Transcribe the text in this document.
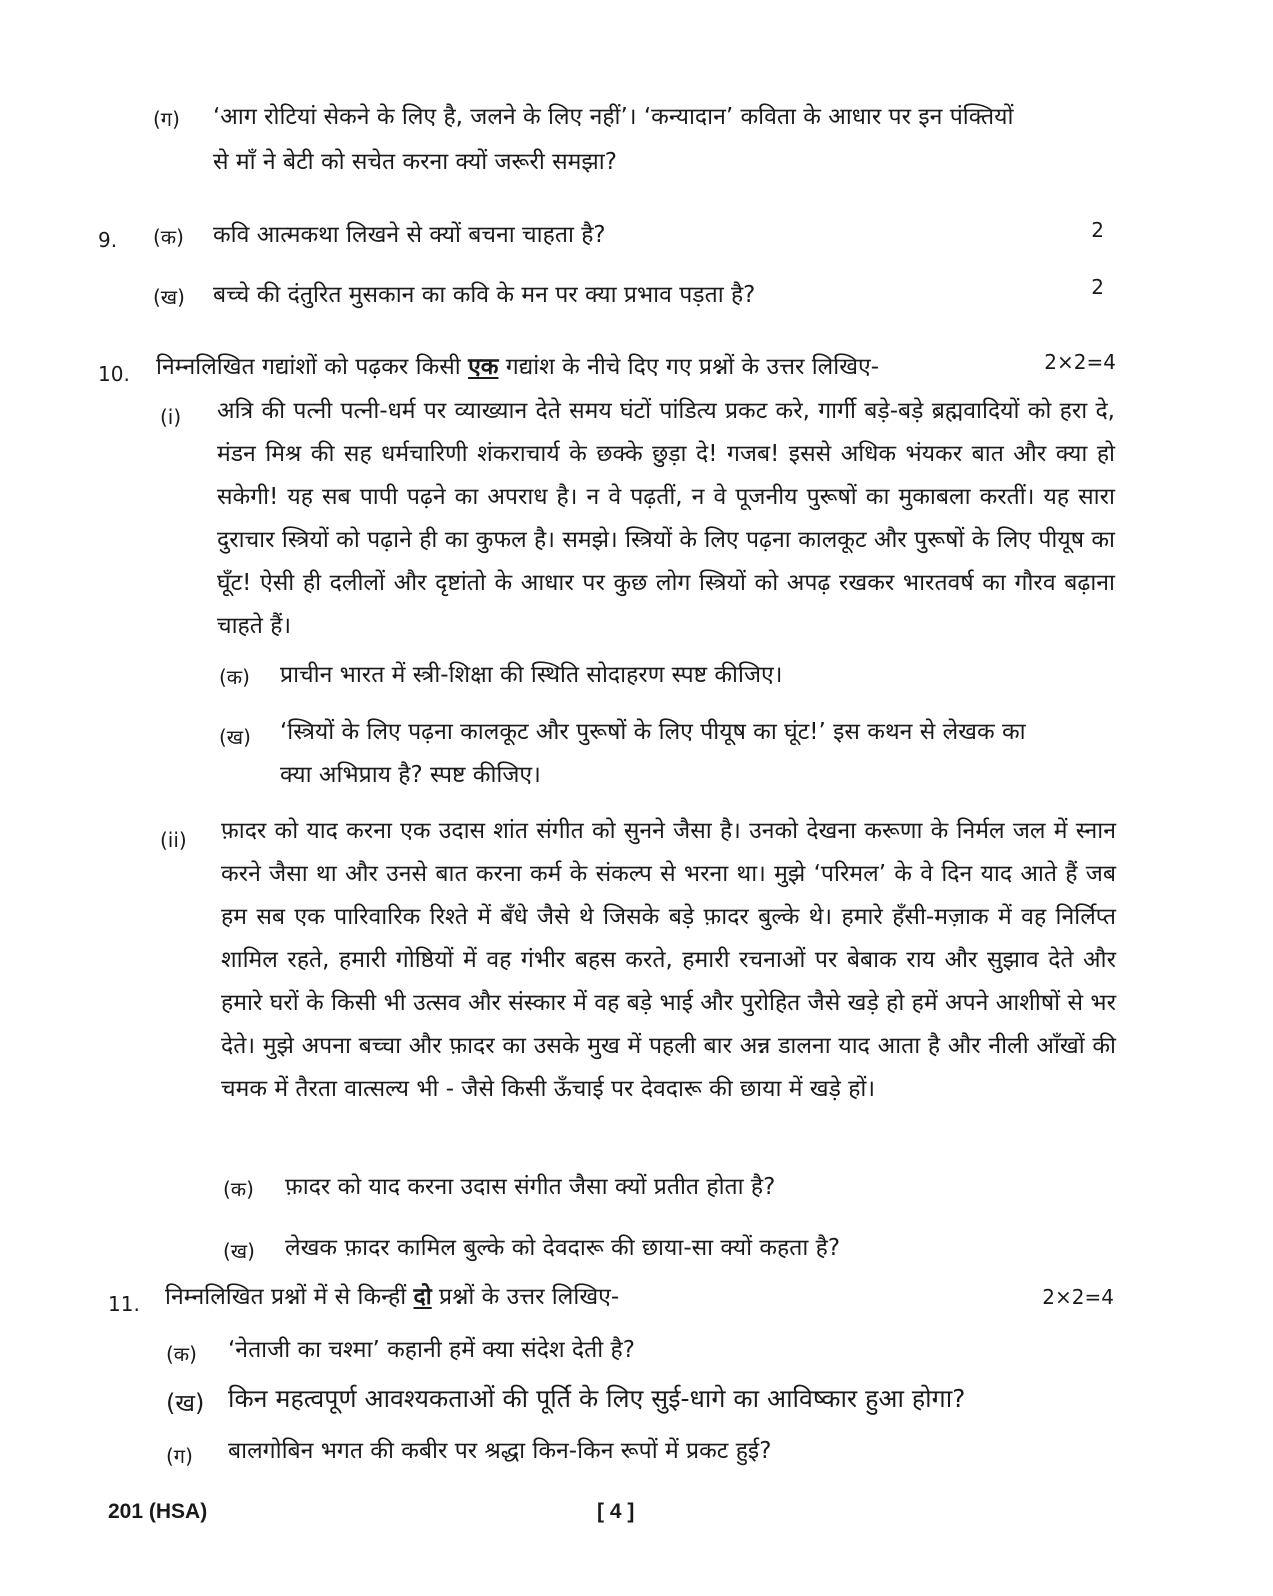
(ग) ‘आग रोटियां सेकने के लिए है, जलने के लिए नहीं’। ‘कन्यादान’ कविता के आधार पर इन पंक्तियों
से माँ ने बेटी को सचेत करना क्यों जरूरी समझा?
9. (क) कवि आत्मकथा लिखने से क्यों बचना चाहता है?	2
(ख) बच्चे की दंतुरित मुसकान का कवि के मन पर क्या प्रभाव पड़ता है?	2
10. निम्नलिखित गद्यांशों को पढ़कर किसी एक गद्यांश के नीचे दिए गए प्रश्नों के उत्तर लिखिए-	2×2=4
(i) अत्रि की पत्नी पत्नी-धर्म पर व्याख्यान देते समय घंटों पांडित्य प्रकट करे, गार्गी बड़े-बड़े ब्रह्मवादियों को हरा दे, मंडन मिश्र की सह धर्मचारिणी शंकराचार्य के छक्के छुड़ा दे! गजब! इससे अधिक भंयकर बात और क्या हो सकेगी! यह सब पापी पढ़ने का अपराध है। न वे पढ़तीं, न वे पूजनीय पुरूषों का मुकाबला करतीं। यह सारा दुराचार स्त्रियों को पढ़ाने ही का कुफल है। समझे। स्त्रियों के लिए पढ़ना कालकूट और पुरूषों के लिए पीयूष का घूँट! ऐसी ही दलीलों और दृष्टांतो के आधार पर कुछ लोग स्त्रियों को अपढ़ रखकर भारतवर्ष का गौरव बढ़ाना चाहते हैं।

(क) प्राचीन भारत में स्त्री-शिक्षा की स्थिति सोदाहरण स्पष्ट कीजिए।
(ख) ‘स्त्रियों के लिए पढ़ना कालकूट और पुरूषों के लिए पीयूष का घूंट!’ इस कथन से लेखक का
क्या अभिप्राय है? स्पष्ट कीजिए।
(ii) फ़ादर को याद करना एक उदास शांत संगीत को सुनने जैसा है। उनको देखना करूणा के निर्मल जल में स्नान करने जैसा था और उनसे बात करना कर्म के संकल्प से भरना था। मुझे ‘परिमल’ के वे दिन याद आते हैं जब हम सब एक पारिवारिक रिश्ते में बँधे जैसे थे जिसके बड़े फ़ादर बुल्के थे। हमारे हँसी-मज़ाक में वह निर्लिप्त शामिल रहते, हमारी गोष्ठियों में वह गंभीर बहस करते, हमारी रचनाओं पर बेबाक राय और सुझाव देते और हमारे घरों के किसी भी उत्सव और संस्कार में वह बड़े भाई और पुरोहित जैसे खड़े हो हमें अपने आशीषों से भर देते। मुझे अपना बच्चा और फ़ादर का उसके मुख में पहली बार अन्न डालना याद आता है और नीली आँखों की चमक में तैरता वात्सल्य भी - जैसे किसी ऊँचाई पर देवदारू की छाया में खड़े हों।

(क) फ़ादर को याद करना उदास संगीत जैसा क्यों प्रतीत होता है?
(ख) लेखक फ़ादर कामिल बुल्के को देवदारू की छाया-सा क्यों कहता है?
11. निम्नलिखित प्रश्नों में से किन्हीं दो प्रश्नों के उत्तर लिखिए-	2×2=4
(क) ‘नेताजी का चश्मा’ कहानी हमें क्या संदेश देती है?
(ख) किन महत्वपूर्ण आवश्यकताओं की पूर्ति के लिए सुई-धागे का आविष्कार हुआ होगा?
(ग) बालगोबिन भगत की कबीर पर श्रद्धा किन-किन रूपों में प्रकट हुई?
201 (HSA)	[ 4 ]
